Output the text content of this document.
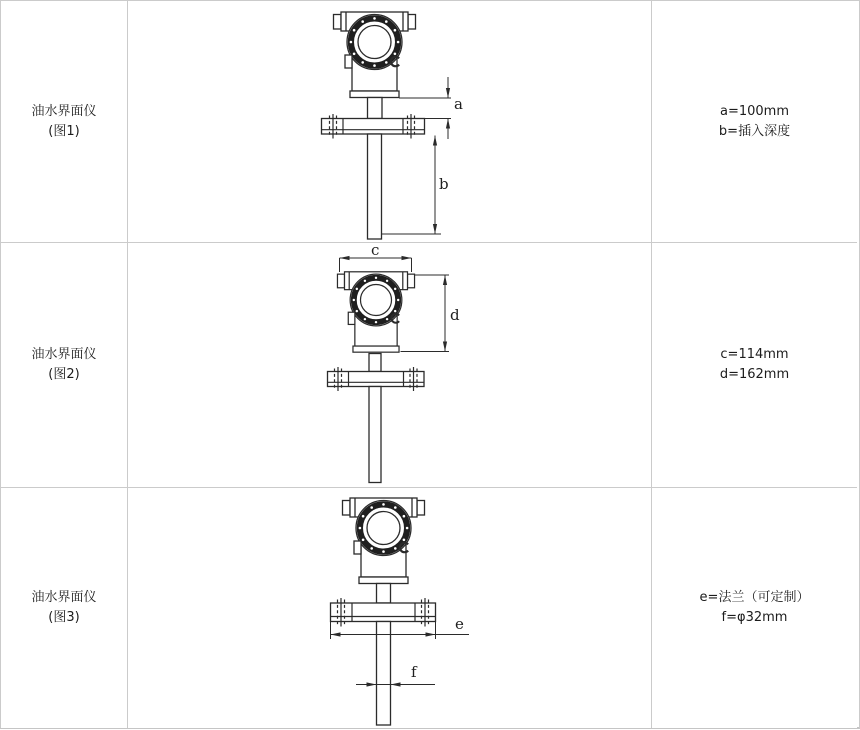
油水界面仪
(图1)
a
b
a=100mm
b=插入深度
油水界面仪
(图2)
c
d
c=114mm
d=162mm
油水界面仪
(图3)	e
f
e=法兰（可定制）
f=φ32mm
